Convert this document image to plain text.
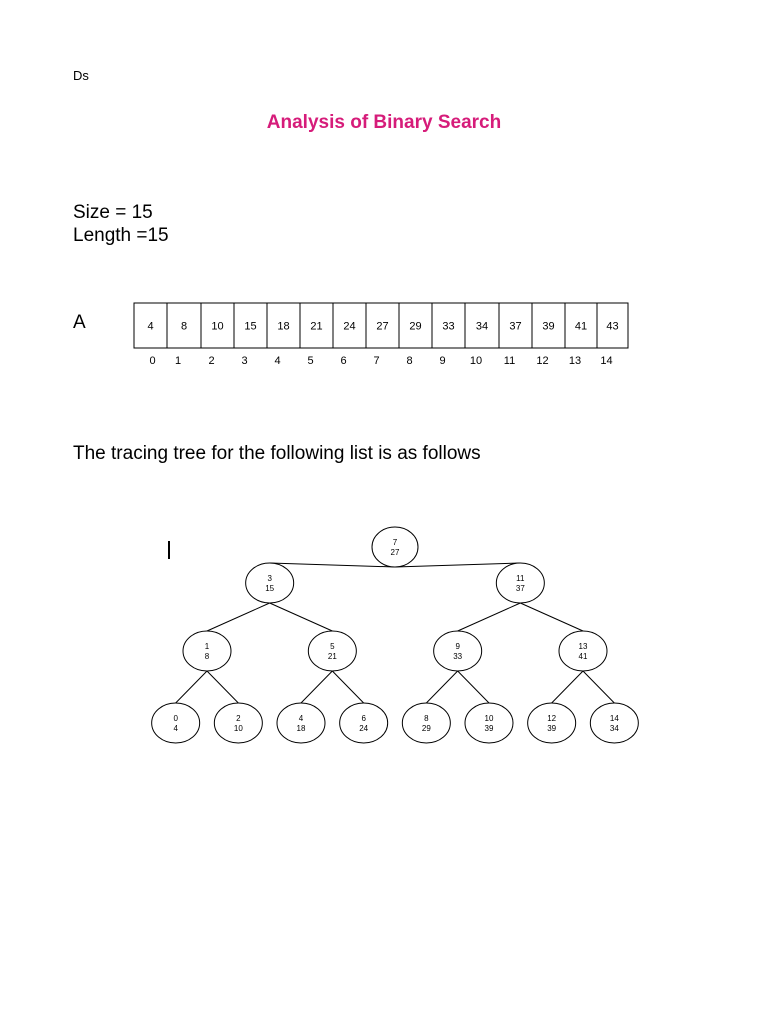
Ds
Analysis of Binary Search
Size = 15
Length =15
A	4
0
8
1
10
2
15
3
18
4
21
5
24
6
27
7
29
8
33
9
34
10
37
11
39
12
41
13
43
14
The tracing tree for the following list is as follows
7
27
3
15
11
37
1
8
5
21
9
33
13
41
0
4
2
10
4
18
6
24
8
29
10
39
12
39
14
34
